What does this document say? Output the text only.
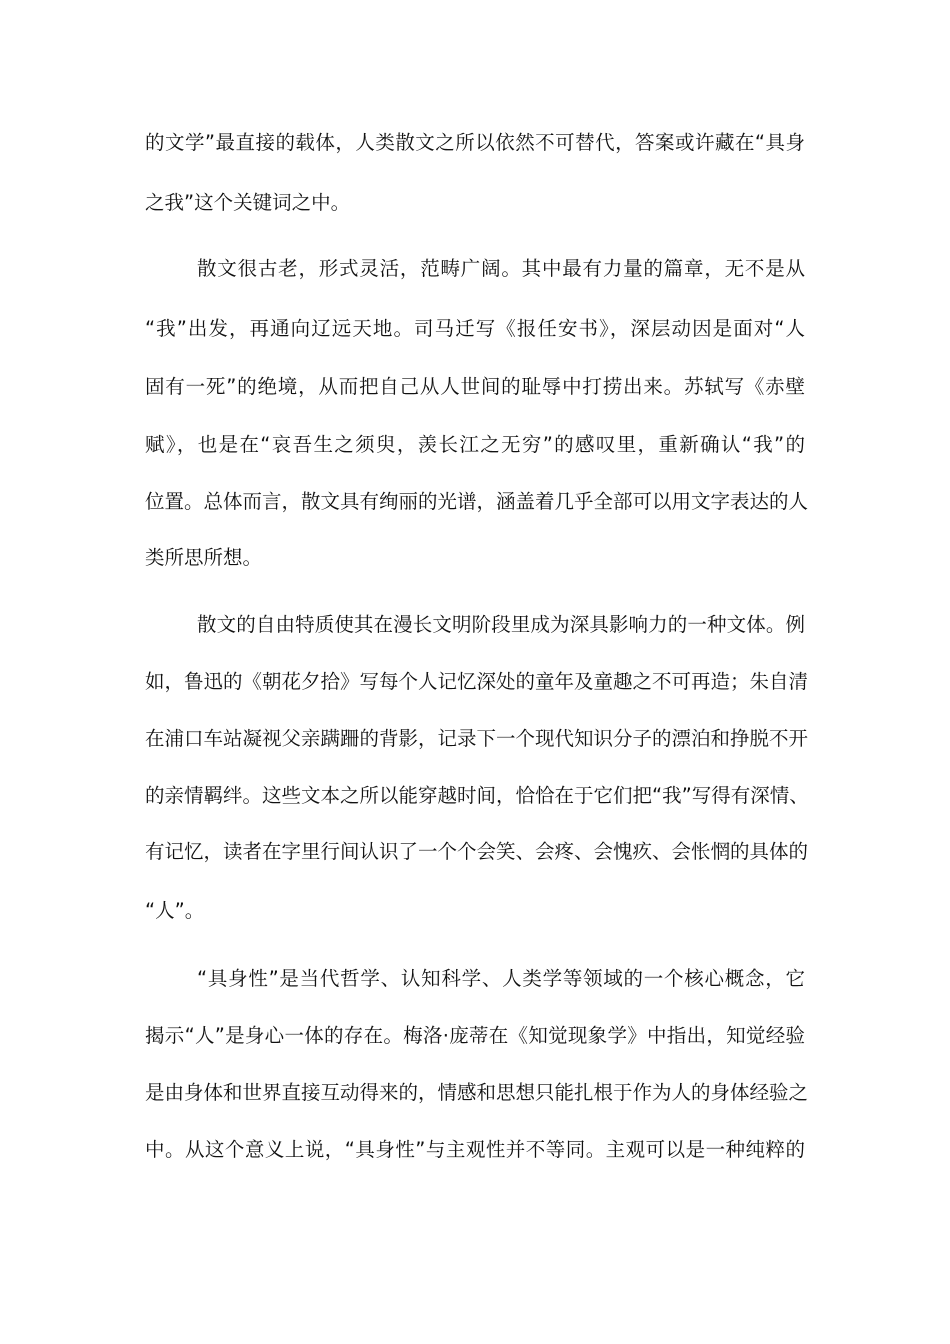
的文学”最直接的载体，人类散文之所以依然不可替代，答案或许藏在“具身
之我”这个关键词之中。
散文很古老，形式灵活，范畴广阔。其中最有力量的篇章，无不是从
“我”出发，再通向辽远天地。司马迁写《报任安书》，深层动因是面对“人
固有一死”的绝境，从而把自己从人世间的耻辱中打捞出来。苏轼写《赤壁
赋》，也是在“哀吾生之须臾，羡长江之无穷”的感叹里，重新确认“我”的
位置。总体而言，散文具有绚丽的光谱，涵盖着几乎全部可以用文字表达的人
类所思所想。
散文的自由特质使其在漫长文明阶段里成为深具影响力的一种文体。例
如，鲁迅的《朝花夕拾》写每个人记忆深处的童年及童趣之不可再造；朱自清
在浦口车站凝视父亲蹒跚的背影，记录下一个现代知识分子的漂泊和挣脱不开
的亲情羁绊。这些文本之所以能穿越时间，恰恰在于它们把“我”写得有深情、
有记忆，读者在字里行间认识了一个个会笑、会疼、会愧疚、会怅惘的具体的
“人”。
“具身性”是当代哲学、认知科学、人类学等领域的一个核心概念，它
揭示“人”是身心一体的存在。梅洛·庞蒂在《知觉现象学》中指出，知觉经验
是由身体和世界直接互动得来的，情感和思想只能扎根于作为人的身体经验之
中。从这个意义上说，“具身性”与主观性并不等同。主观可以是一种纯粹的
